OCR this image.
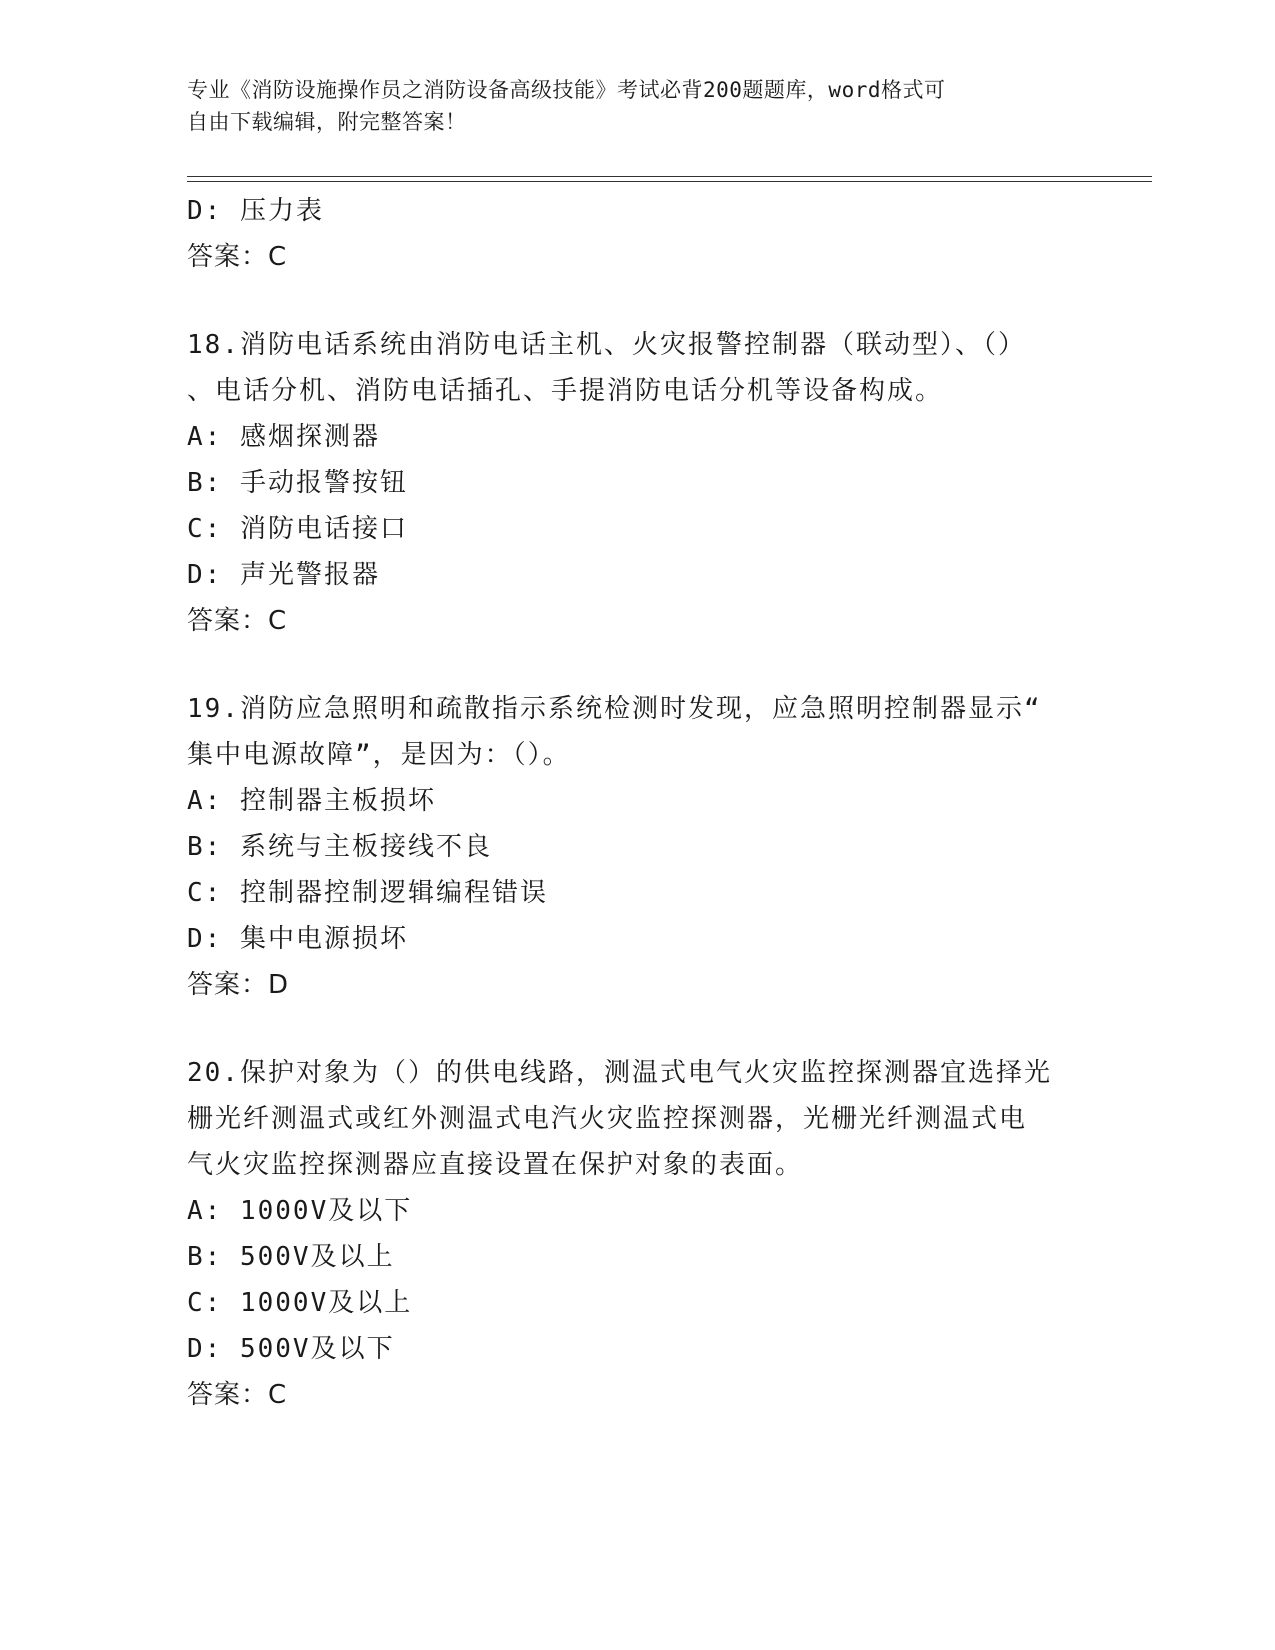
专业《消防设施操作员之消防设备高级技能》考试必背200题题库，word格式可
自由下载编辑，附完整答案！
D: 压力表
答案：C
18.消防电话系统由消防电话主机、火灾报警控制器（联动型）、（）
、电话分机、消防电话插孔、手提消防电话分机等设备构成。
A: 感烟探测器
B: 手动报警按钮
C: 消防电话接口
D: 声光警报器
答案：C
19.消防应急照明和疏散指示系统检测时发现，应急照明控制器显示“
集中电源故障”，是因为：（）。
A: 控制器主板损坏
B: 系统与主板接线不良
C: 控制器控制逻辑编程错误
D: 集中电源损坏
答案：D
20.保护对象为（）的供电线路，测温式电气火灾监控探测器宜选择光
栅光纤测温式或红外测温式电汽火灾监控探测器，光栅光纤测温式电
气火灾监控探测器应直接设置在保护对象的表面。
A: 1000V及以下
B: 500V及以上
C: 1000V及以上
D: 500V及以下
答案：C
